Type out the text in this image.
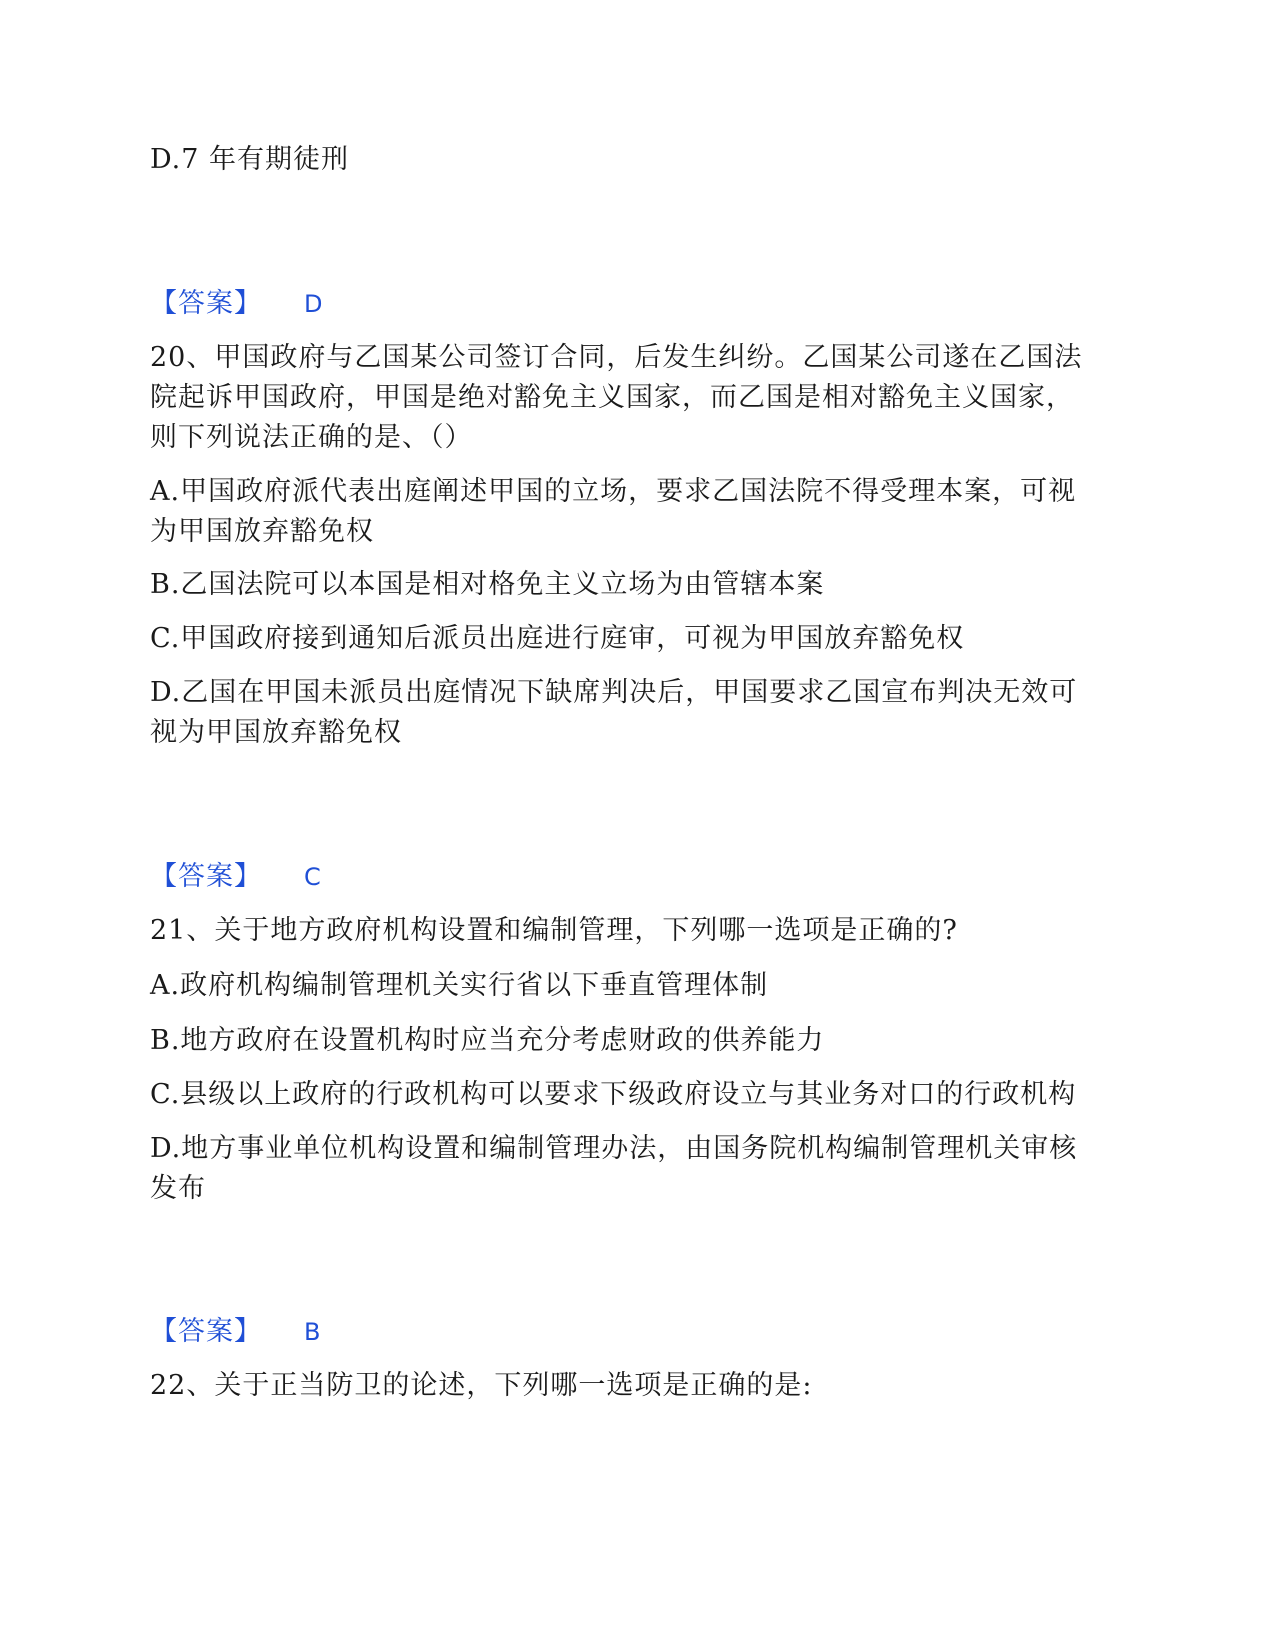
D.7 年有期徒刑
【答案】 D
20、甲国政府与乙国某公司签订合同，后发生纠纷。乙国某公司遂在乙国法
院起诉甲国政府，甲国是绝对豁免主义国家，而乙国是相对豁免主义国家，
则下列说法正确的是、（）
A.甲国政府派代表出庭阐述甲国的立场，要求乙国法院不得受理本案，可视
为甲国放弃豁免权
B.乙国法院可以本国是相对格免主义立场为由管辖本案
C.甲国政府接到通知后派员出庭进行庭审，可视为甲国放弃豁免权
D.乙国在甲国未派员出庭情况下缺席判决后，甲国要求乙国宣布判决无效可
视为甲国放弃豁免权
【答案】 C
21、关于地方政府机构设置和编制管理，下列哪一选项是正确的?
A.政府机构编制管理机关实行省以下垂直管理体制
B.地方政府在设置机构时应当充分考虑财政的供养能力
C.县级以上政府的行政机构可以要求下级政府设立与其业务对口的行政机构
D.地方事业单位机构设置和编制管理办法，由国务院机构编制管理机关审核
发布
【答案】 B
22、关于正当防卫的论述，下列哪一选项是正确的是:
